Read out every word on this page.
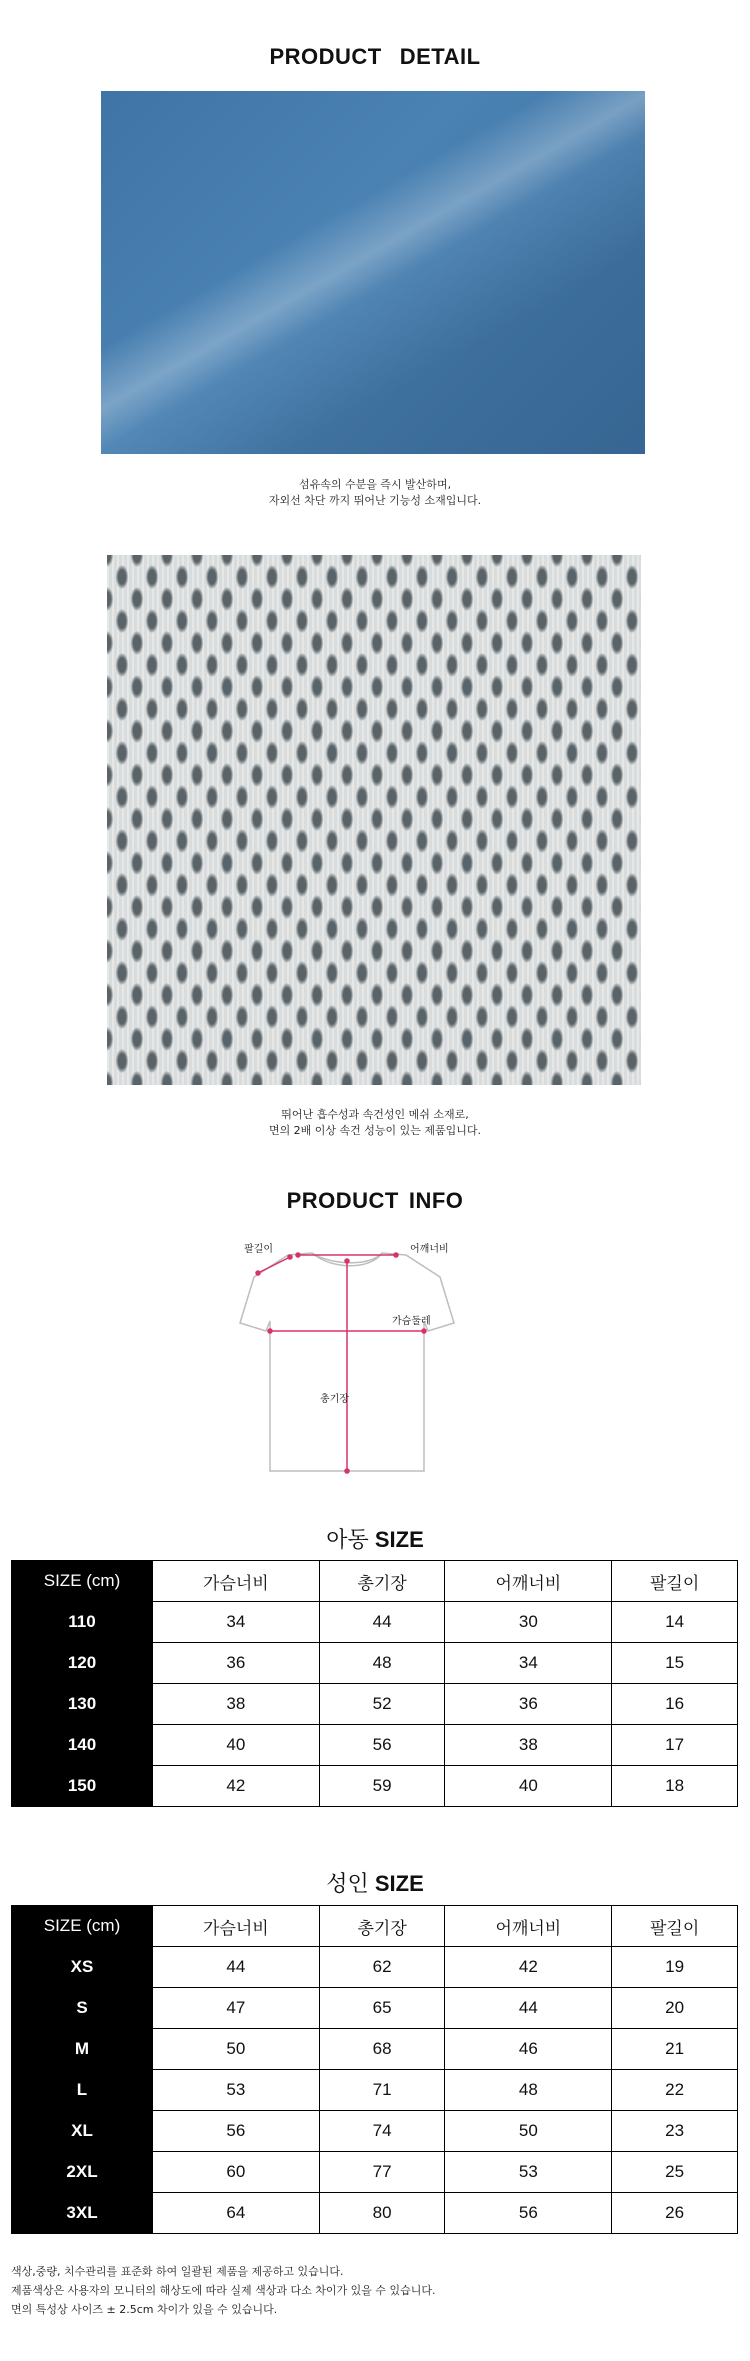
PRODUCT DETAIL
섬유속의 수분을 즉시 발산하며,
자외선 차단 까지 뛰어난 기능성 소재입니다.
뛰어난 흡수성과 속건성인 메쉬 소재로,
면의 2배 이상 속건 성능이 있는 제품입니다.
PRODUCT INFO
팔길이	어깨너비
가슴둘레
총기장
아동 SIZE
SIZE (cm)	가슴너비	총기장	어깨너비	팔길이
110	34	44	30	14
120	36	48	34	15
130	38	52	36	16
140	40	56	38	17
150	42	59	40	18
성인 SIZE
SIZE (cm)	가슴너비	총기장	어깨너비	팔길이
XS	44	62	42	19
S	47	65	44	20
M	50	68	46	21
L	53	71	48	22
XL	56	74	50	23
2XL	60	77	53	25
3XL	64	80	56	26
색상,중량, 치수관리를 표준화 하여 일괄된 제품을 제공하고 있습니다.
제품색상은 사용자의 모니터의 해상도에 따라 실제 색상과 다소 차이가 있을 수 있습니다.
면의 특성상 사이즈 ± 2.5cm 차이가 있을 수 있습니다.
